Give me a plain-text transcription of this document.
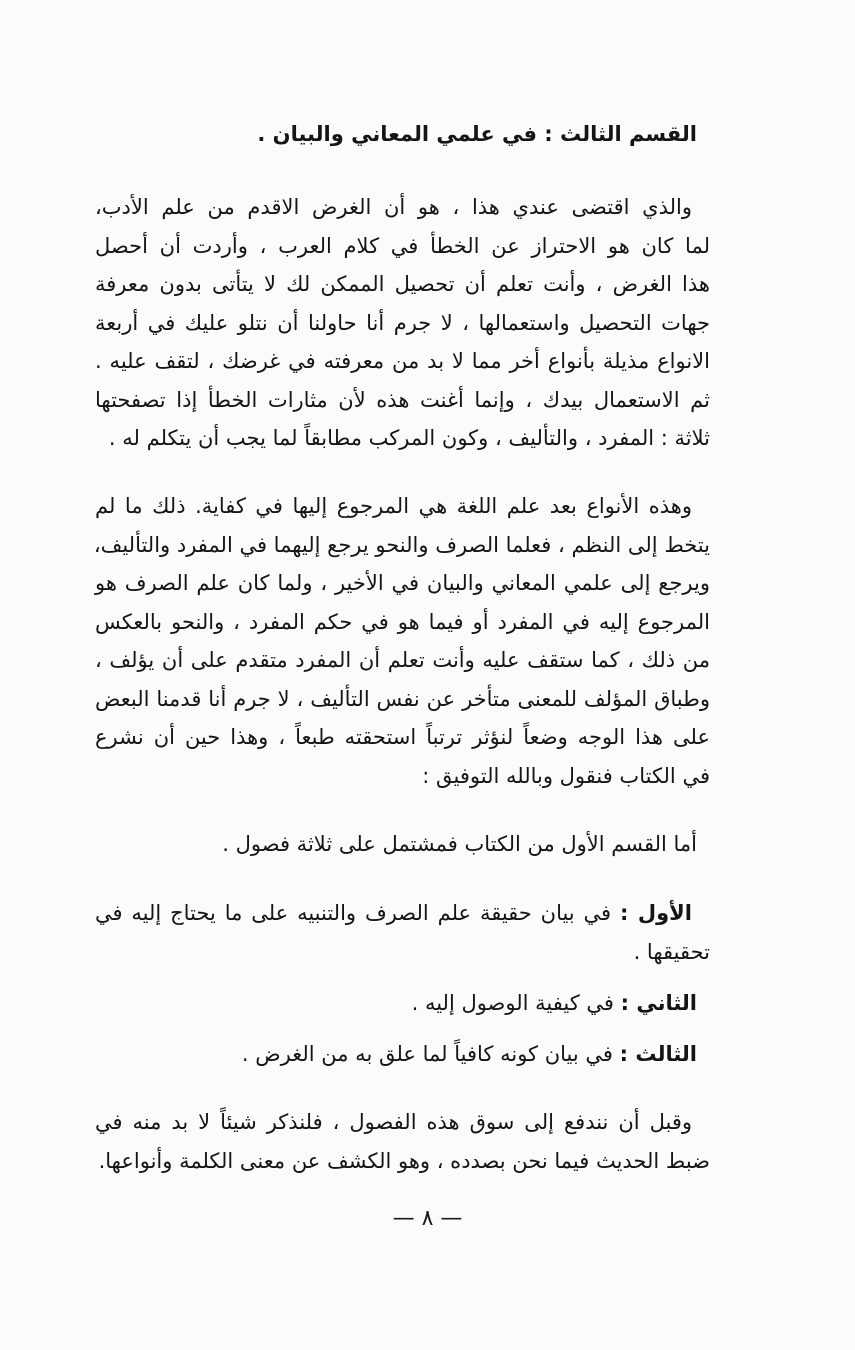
القسم الثالث : في علمي المعاني والبيان .
والذي اقتضى عندي هذا ، هو أن الغرض الاقدم من علم الأدب،
لما كان هو الاحتراز عن الخطأ في كلام العرب ، وأردت أن أحصل
هذا الغرض ، وأنت تعلم أن تحصيل الممكن لك لا يتأتى بدون معرفة
جهات التحصيل واستعمالها ، لا جرم أنا حاولنا أن نتلو عليك في أربعة
الانواع مذيلة بأنواع أخر مما لا بد من معرفته في غرضك ، لتقف عليه .
ثم الاستعمال بيدك ، وإنما أغنت هذه لأن مثارات الخطأ إذا تصفحتها
ثلاثة : المفرد ، والتأليف ، وكون المركب مطابقاً لما يجب أن يتكلم له .
وهذه الأنواع بعد علم اللغة هي المرجوع إليها في كفاية. ذلك ما لم
يتخط إلى النظم ، فعلما الصرف والنحو يرجع إليهما في المفرد والتأليف،
ويرجع إلى علمي المعاني والبيان في الأخير ، ولما كان علم الصرف هو
المرجوع إليه في المفرد أو فيما هو في حكم المفرد ، والنحو بالعكس
من ذلك ، كما ستقف عليه وأنت تعلم أن المفرد متقدم على أن يؤلف ،
وطباق المؤلف للمعنى متأخر عن نفس التأليف ، لا جرم أنا قدمنا البعض
على هذا الوجه وضعاً لنؤثر ترتباً استحقته طبعاً ، وهذا حين أن نشرع
في الكتاب فنقول وبالله التوفيق :
أما القسم الأول من الكتاب فمشتمل على ثلاثة فصول .
الأول : في بيان حقيقة علم الصرف والتنبيه على ما يحتاج إليه في
تحقيقها .
الثاني : في كيفية الوصول إليه .
الثالث : في بيان كونه كافياً لما علق به من الغرض .
وقبل أن نندفع إلى سوق هذه الفصول ، فلنذكر شيئاً لا بد منه في
ضبط الحديث فيما نحن بصدده ، وهو الكشف عن معنى الكلمة وأنواعها.
— ٨ —
